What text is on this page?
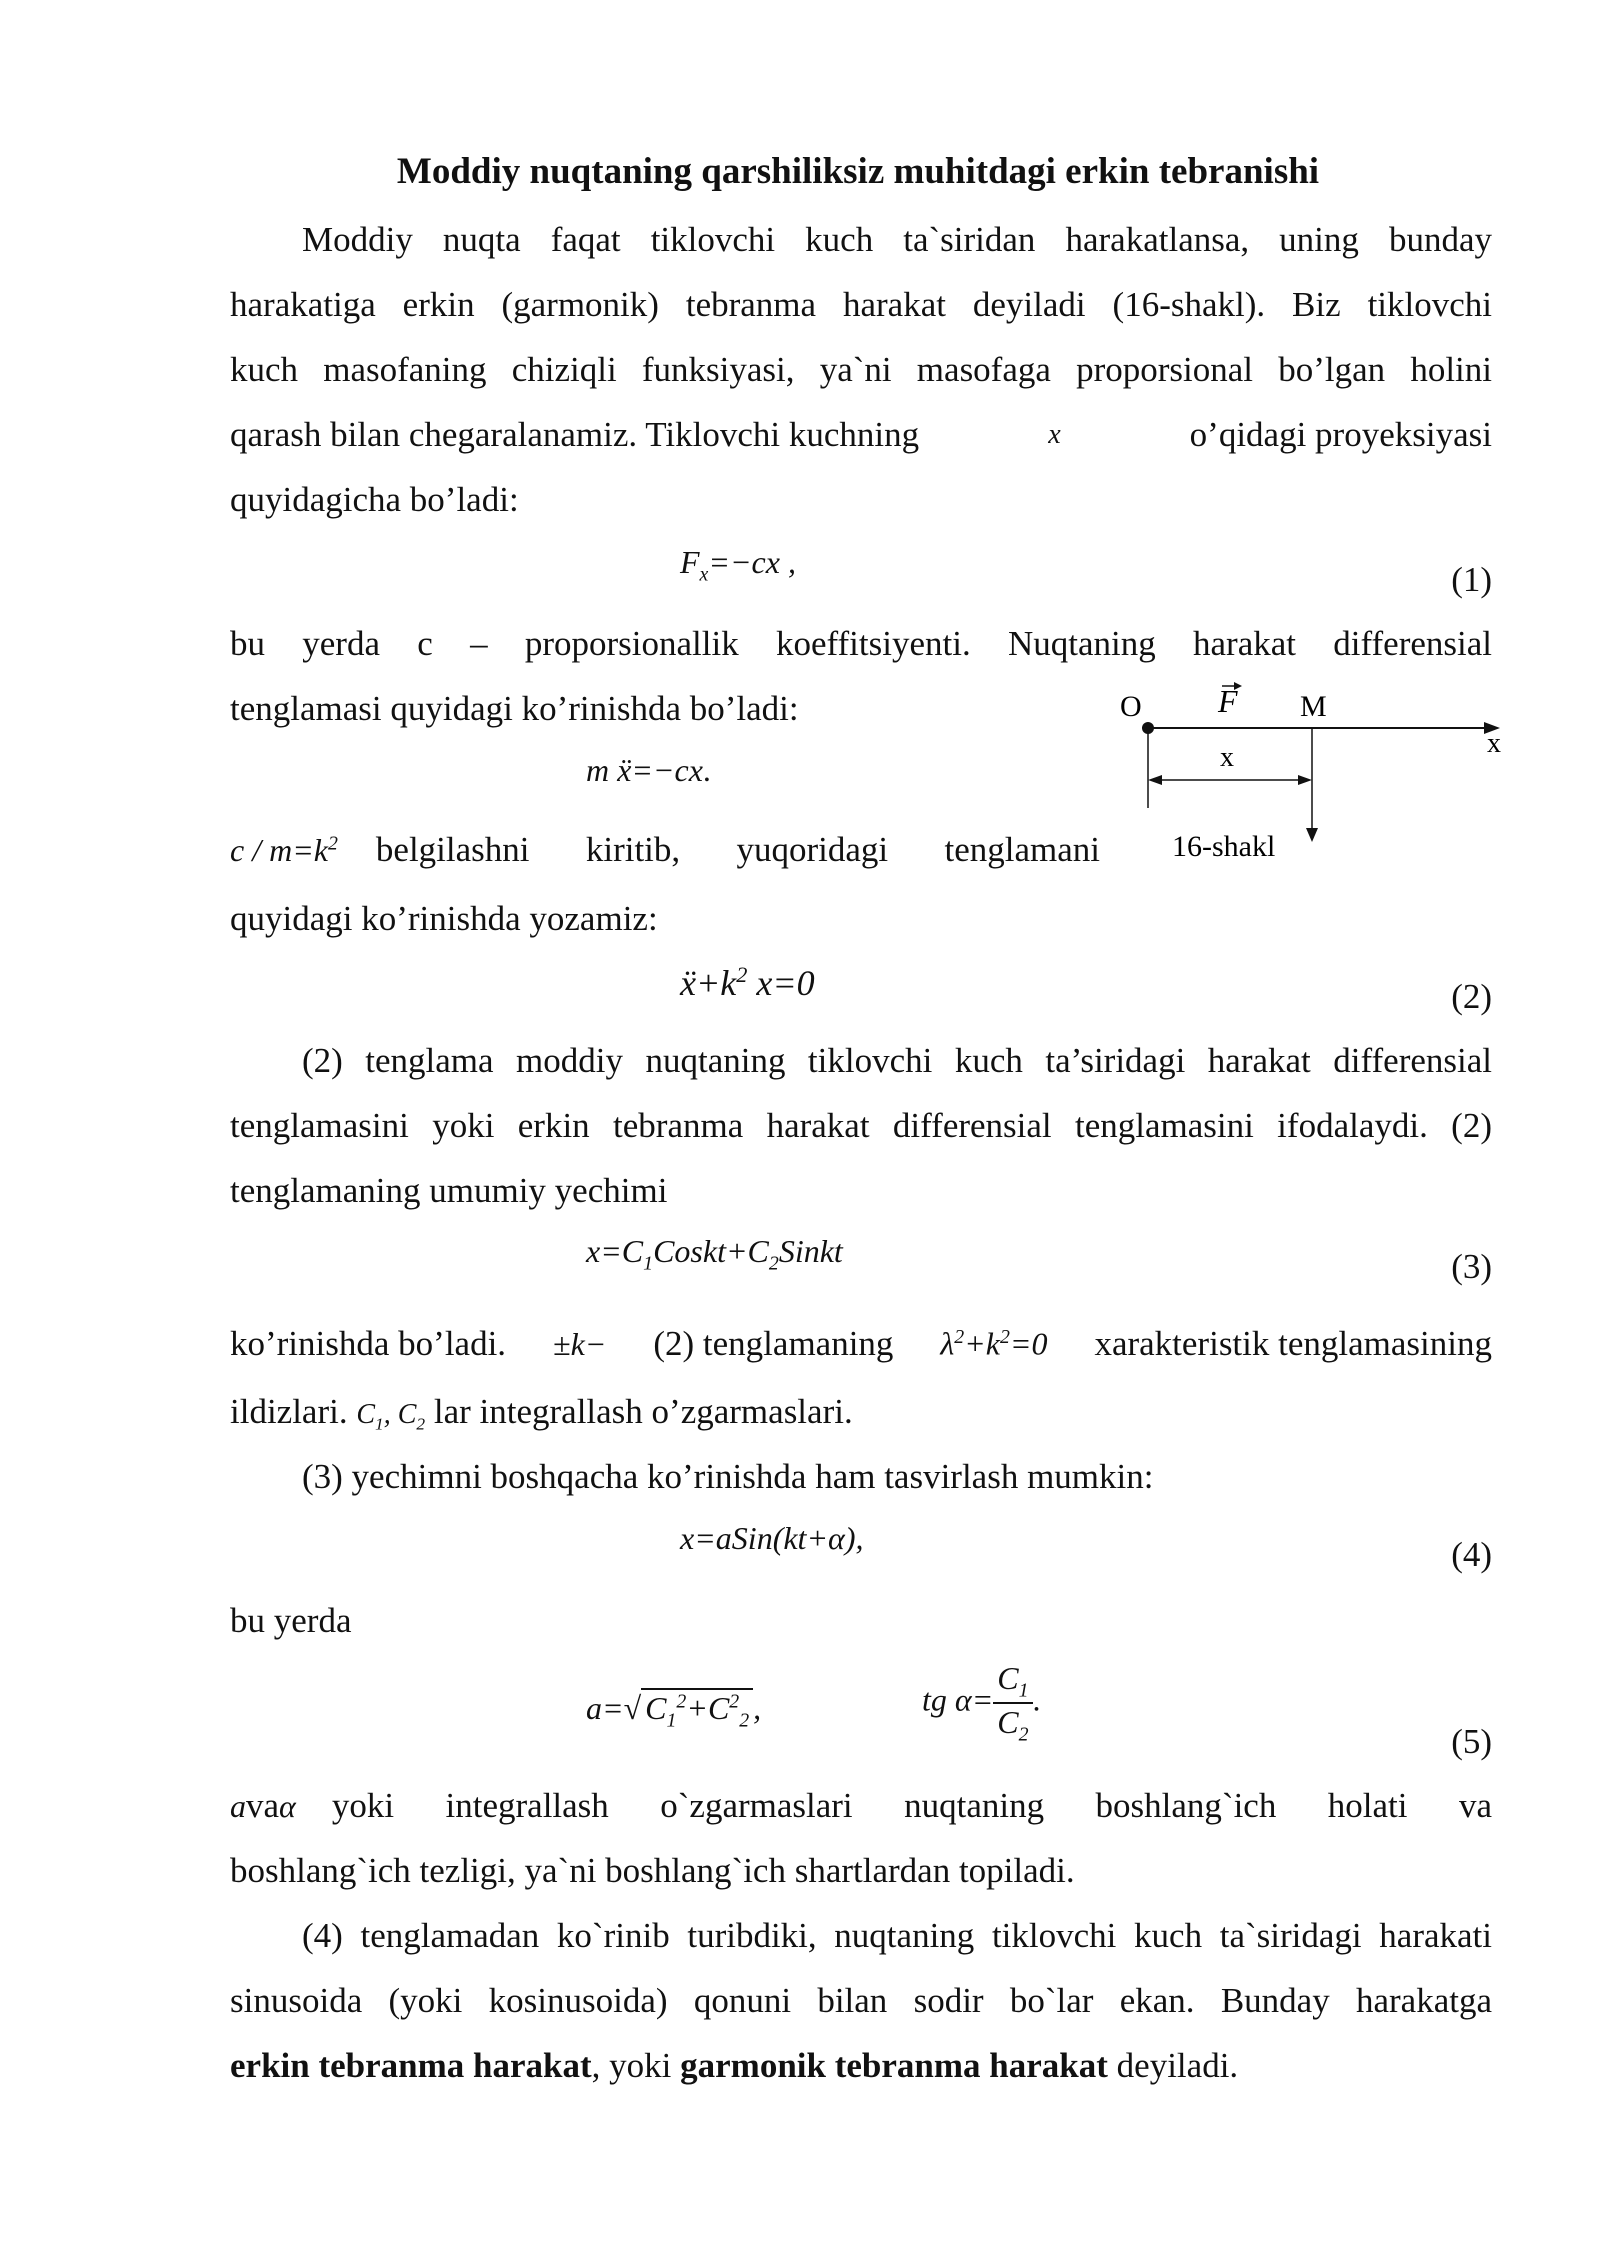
Moddiy nuqtaning qarshiliksiz muhitdagi erkin tebranishi
Moddiy nuqta faqat tiklovchi kuch ta`siridan harakatlansa, uning bunday
harakatiga erkin (garmonik) tebranma harakat deyiladi (16-shakl). Biz tiklovchi
kuch masofaning chiziqli funksiyasi, ya`ni masofaga proporsional bo’lgan holini
qarash bilan chegaralanamiz. Tiklovchi kuchning	x	o’qidagi proyeksiyasi
quyidagicha bo’ladi:
$F_x=-cx$ ,	(1)
bu yerda c – proporsionallik koeffitsiyenti. Nuqtaning harakat differensial
tenglamasi quyidagi ko’rinishda bo’ladi:
m ẍ=−cx.
O F M
x
x
16-shakl
$c / m=k^2$ belgilashni kiritib, yuqoridagi tenglamani
quyidagi ko’rinishda yozamiz:
$ẍ+k^2$ x=0	(2)
(2) tenglama moddiy nuqtaning tiklovchi kuch ta’siridagi harakat differensial
tenglamasini yoki erkin tebranma harakat differensial tenglamasini ifodalaydi. (2)
tenglamaning umumiy yechimi
$x=C_1Coskt+C_2Sinkt$	(3)
ko’rinishda bo’ladi. ±k− (2) tenglamaning $\lambda^2+k^2=0$ xarakteristik tenglamasining
ildizlari. $C_1$, $C_2$ lar integrallash o’zgarmaslari.
(3) yechimni boshqacha ko’rinishda ham tasvirlash mumkin:
x=aSin(kt+α),	(4)
bu yerda
a=√ $C_1^2+C^2_2$ ,	tg $\alpha= \frac{C_1}{C_2}$ .
(5)
a va α yoki integrallash o`zgarmaslari nuqtaning boshlang`ich holati va
boshlang`ich tezligi, ya`ni boshlang`ich shartlardan topiladi.
(4) tenglamadan ko`rinib turibdiki, nuqtaning tiklovchi kuch ta`siridagi harakati
sinusoida (yoki kosinusoida) qonuni bilan sodir bo`lar ekan. Bunday harakatga
erkin tebranma harakat, yoki garmonik tebranma harakat deyiladi.
